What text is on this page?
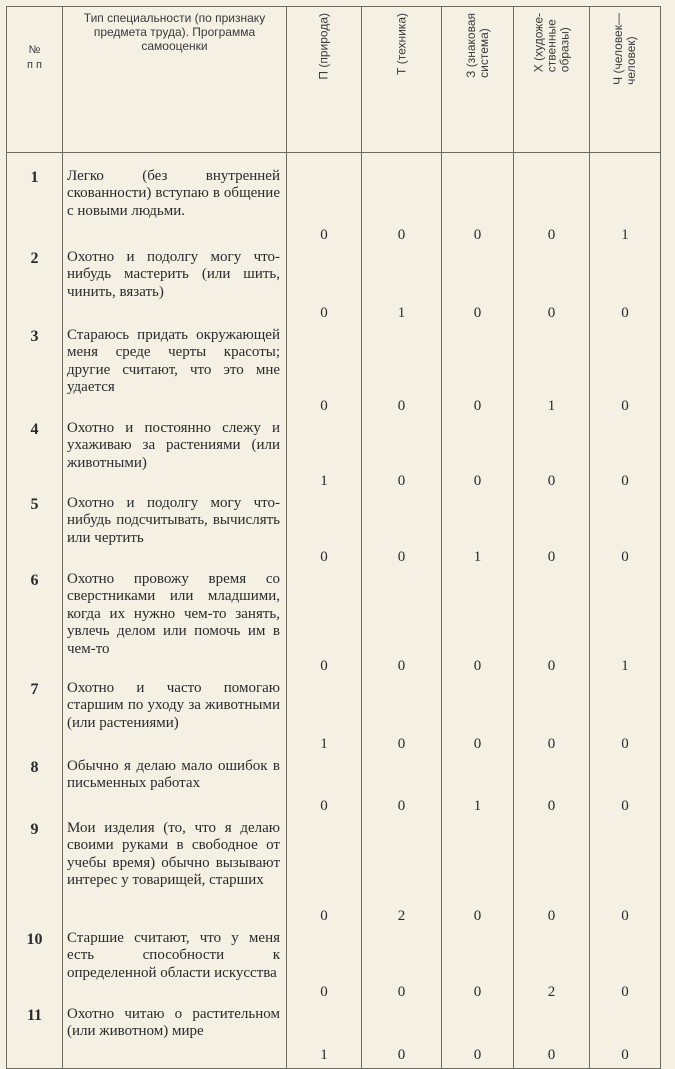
№
п п	Тип специальности (по признаку предмета труда). Программа самооценки	П (природа)	Т (техника)	З (знаковая
система)	Х (художе-
ственные
образы)	Ч (человек—
человек)

1	Легко (без внутренней скованности) вступаю в общение с новыми людьми.	0	0	0	0	1
2	Охотно и подолгу могу что-нибудь мастерить (или шить, чинить, вязать)	0	1	0	0	0
3	Стараюсь придать окружающей меня среде черты красоты; другие считают, что это мне удается	0	0	0	1	0
4	Охотно и постоянно слежу и ухаживаю за растениями (или животными)	1	0	0	0	0
5	Охотно и подолгу могу что-нибудь подсчитывать, вычислять или чертить	0	0	1	0	0
6	Охотно провожу время со сверстниками или младшими, когда их нужно чем-то занять, увлечь делом или помочь им в чем-то	0	0	0	0	1
7	Охотно и часто помогаю старшим по уходу за животными (или растениями)	1	0	0	0	0
8	Обычно я делаю мало ошибок в письменных работах	0	0	1	0	0
9	Мои изделия (то, что я делаю своими руками в свободное от учебы время) обычно вызывают интерес у товарищей, старших	0	2	0	0	0
10	Старшие считают, что у меня есть способности к определенной области искусства	0	0	0	2	0
11	Охотно читаю о растительном (или животном) мире	1	0	0	0	0
